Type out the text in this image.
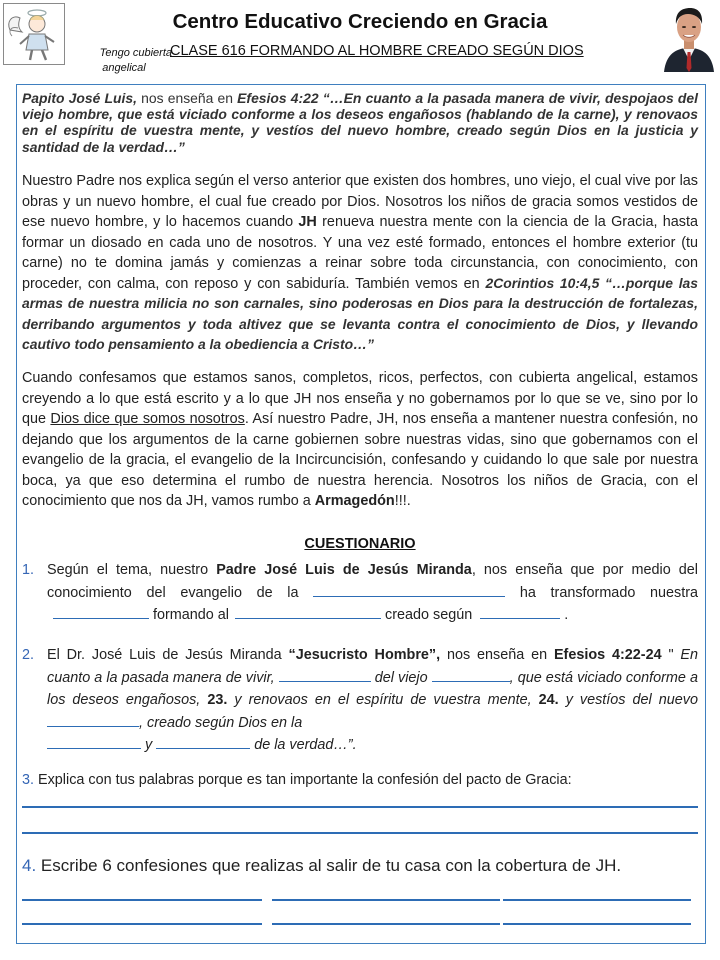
Centro Educativo Creciendo en Gracia
Tengo cubierta
angelical
CLASE 616 FORMANDO AL HOMBRE CREADO SEGÚN DIOS
Papito José Luis, nos enseña en Efesios 4:22 “…En cuanto a la pasada manera de vivir, despojaos del viejo hombre, que está viciado conforme a los deseos engañosos (hablando de la carne), y renovaos en el espíritu de vuestra mente, y vestíos del nuevo hombre, creado según Dios en la justicia y santidad de la verdad…”
Nuestro Padre nos explica según el verso anterior que existen dos hombres, uno viejo, el cual vive por las obras y un nuevo hombre, el cual fue creado por Dios. Nosotros los niños de gracia somos vestidos de ese nuevo hombre, y lo hacemos cuando JH renueva nuestra mente con la ciencia de la Gracia, hasta formar un diosado en cada uno de nosotros. Y una vez esté formado, entonces el hombre exterior (tu carne) no te domina jamás y comienzas a reinar sobre toda circunstancia, con conocimiento, con proceder, con calma, con reposo y con sabiduría. También vemos en 2Corintios 10:4,5 “…porque las armas de nuestra milicia no son carnales, sino poderosas en Dios para la destrucción de fortalezas, derribando argumentos y toda altivez que se levanta contra el conocimiento de Dios, y llevando cautivo todo pensamiento a la obediencia a Cristo…”
Cuando confesamos que estamos sanos, completos, ricos, perfectos, con cubierta angelical, estamos creyendo a lo que está escrito y a lo que JH nos enseña y no gobernamos por lo que se ve, sino por lo que Dios dice que somos nosotros. Así nuestro Padre, JH, nos enseña a mantener nuestra confesión, no dejando que los argumentos de la carne gobiernen sobre nuestras vidas, sino que gobernamos con el evangelio de la gracia, el evangelio de la Incircuncisión, confesando y cuidando lo que sale por nuestra boca, ya que eso determina el rumbo de nuestra herencia. Nosotros los niños de Gracia, con el conocimiento que nos da JH, vamos rumbo a Armagedón!!!.
CUESTIONARIO
1. Según el tema, nuestro Padre José Luis de Jesús Miranda, nos enseña que por medio del conocimiento del evangelio de la	ha transformado nuestra  formando al	creado según	.
2. El Dr. José Luis de Jesús Miranda “Jesucristo Hombre”, nos enseña en Efesios 4:22-24 " En cuanto a la pasada manera de vivir,	del viejo	, que está viciado conforme a los deseos engañosos, 23. y renovaos en el espíritu de vuestra mente, 24. y vestíos del nuevo , creado según Dios en la
y	de la verdad…”.
3. Explica con tus palabras porque es tan importante la confesión del pacto de Gracia:
4. Escribe 6 confesiones que realizas al salir de tu casa con la cobertura de JH.
